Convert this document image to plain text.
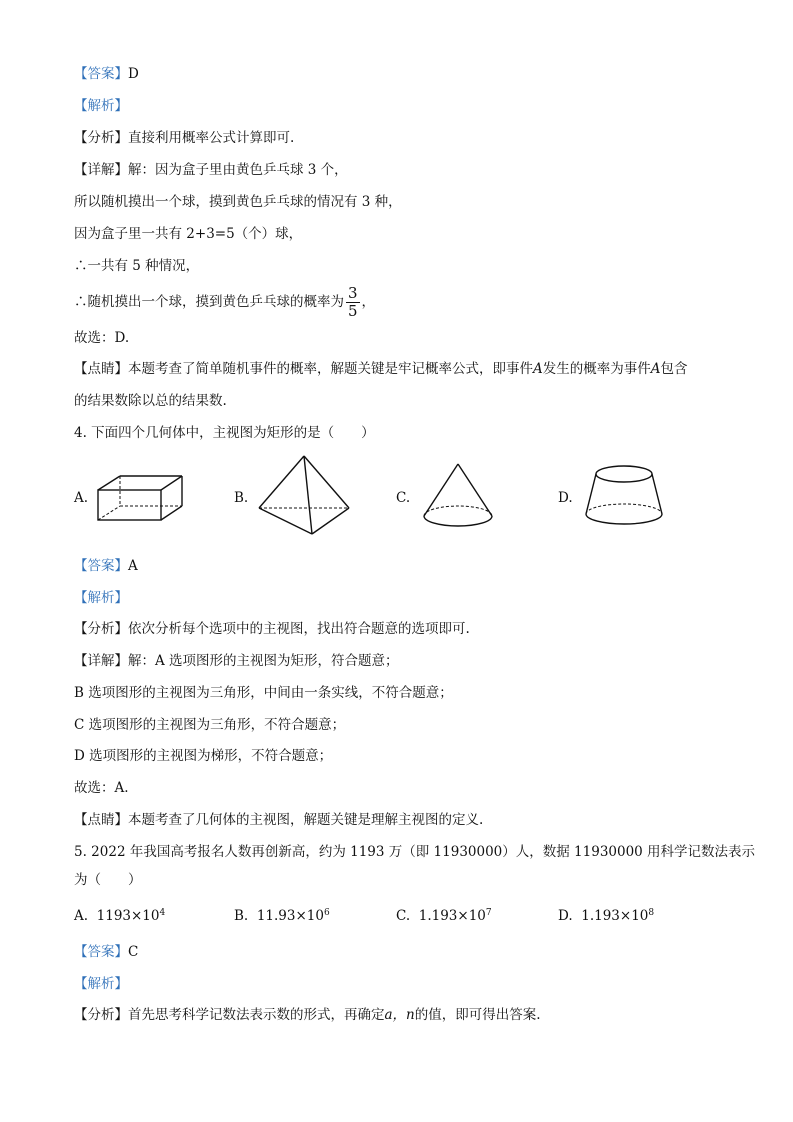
【答案】D
【解析】
【分析】直接利用概率公式计算即可.
【详解】解：因为盒子里由黄色乒乓球 3 个，
所以随机摸出一个球，摸到黄色乒乓球的情况有 3 种，
因为盒子里一共有 2+3=5（个）球，
∴一共有 5 种情况，
∴随机摸出一个球，摸到黄色乒乓球的概率为 $\frac{3}{5}$ ，
故选：D.
【点睛】本题考查了简单随机事件的概率，解题关键是牢记概率公式，即事件A发生的概率为事件A包含
的结果数除以总的结果数.
4. 下面四个几何体中，主视图为矩形的是（　　）
A.	B.	C.	D.
【答案】A
【解析】
【分析】依次分析每个选项中的主视图，找出符合题意的选项即可.
【详解】解：A 选项图形的主视图为矩形，符合题意；
B 选项图形的主视图为三角形，中间由一条实线，不符合题意；
C 选项图形的主视图为三角形，不符合题意；
D 选项图形的主视图为梯形，不符合题意；
故选：A.
【点睛】本题考查了几何体的主视图，解题关键是理解主视图的定义.
5. 2022 年我国高考报名人数再创新高，约为 1193 万（即 11930000）人，数据 11930000 用科学记数法表示
为（　　）
A. $1193\times 10^4$	B. $11.93\times 10^6$	C. $1.193\times 10^7$	D. $1.193\times 10^8$
【答案】C
【解析】
【分析】首先思考科学记数法表示数的形式，再确定a，n的值，即可得出答案.
